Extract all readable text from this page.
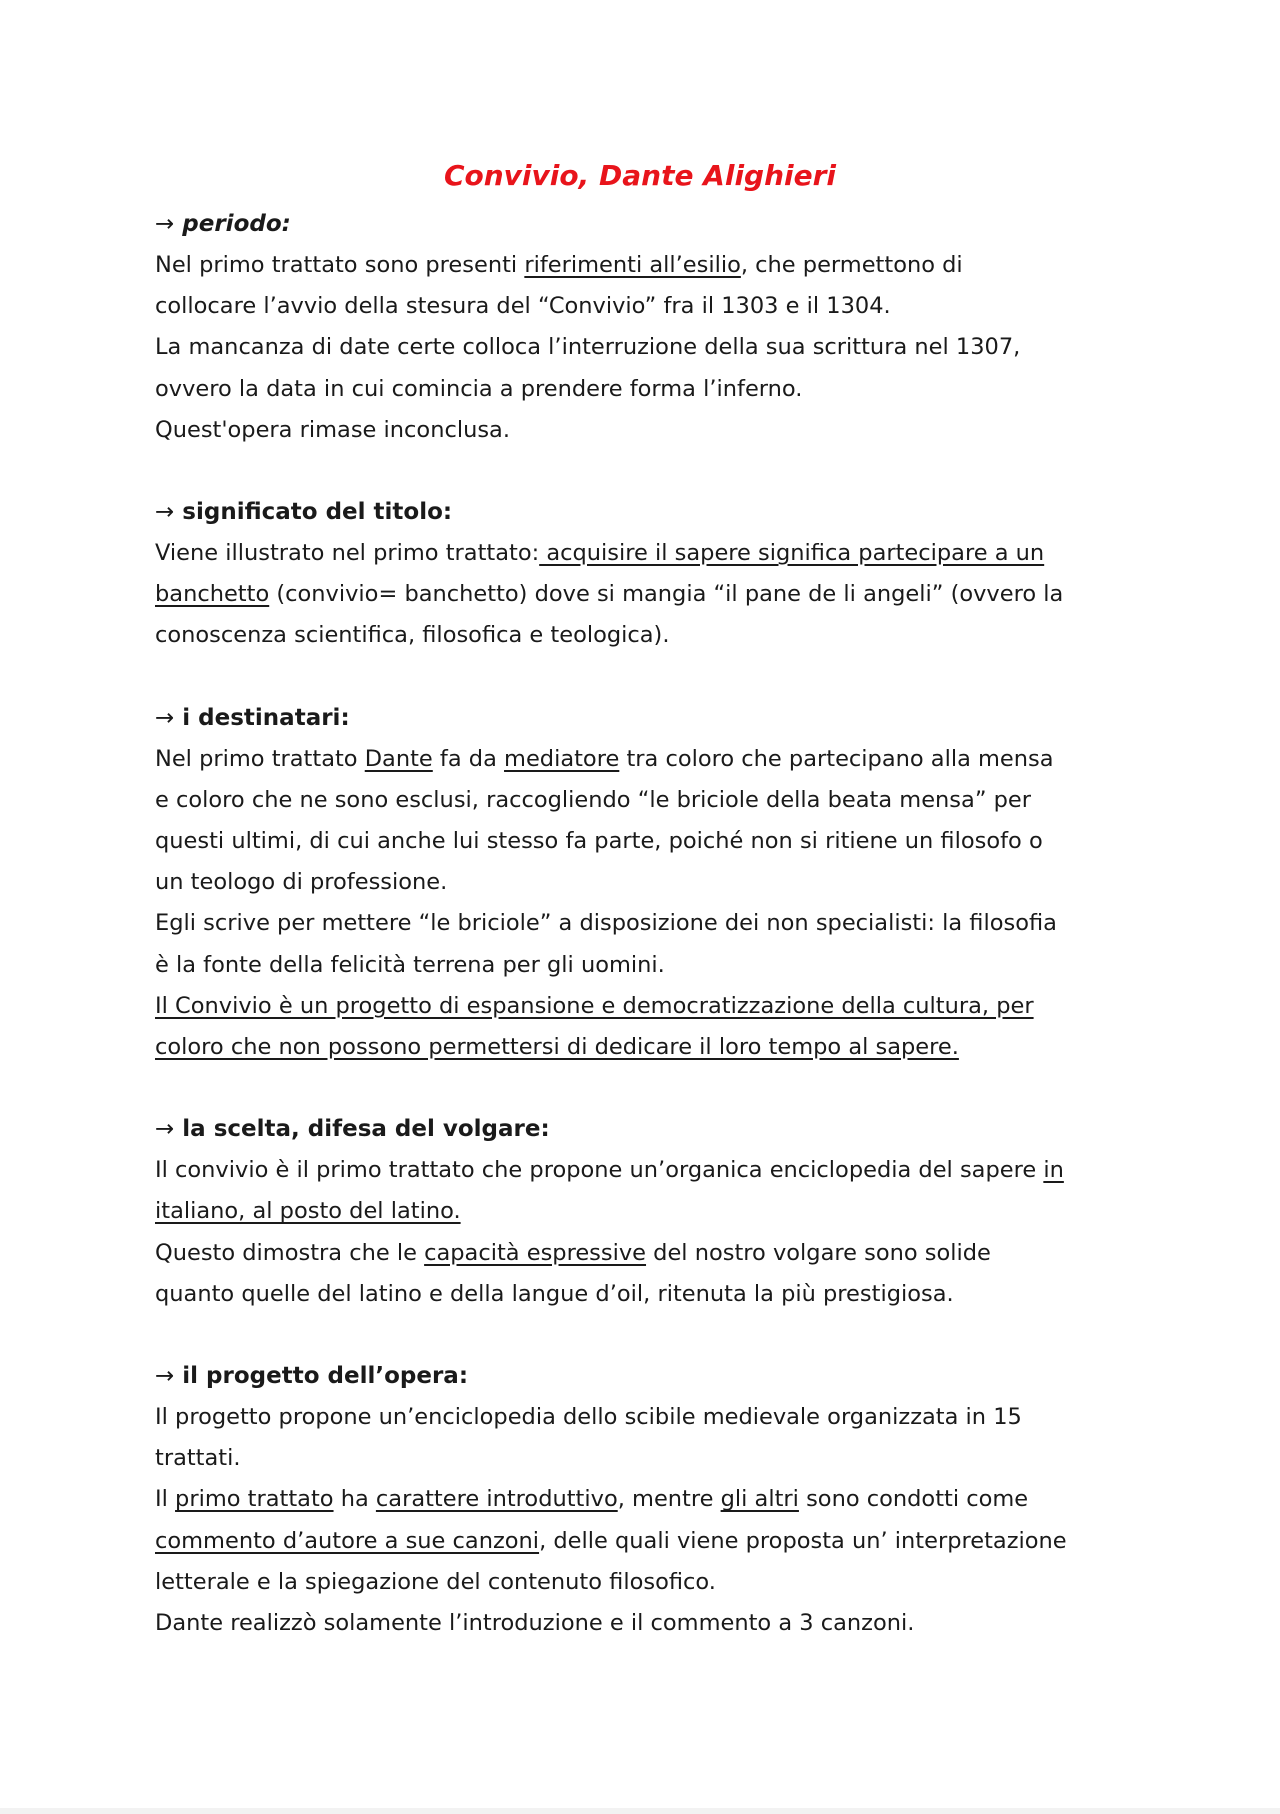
Convivio, Dante Alighieri
→ periodo:

Nel primo trattato sono presenti riferimenti all’esilio, che permettono di
collocare l’avvio della stesura del “Convivio” fra il 1303 e il 1304.
La mancanza di date certe colloca l’interruzione della sua scrittura nel 1307,
ovvero la data in cui comincia a prendere forma l’inferno.
Quest'opera rimase inconclusa.

→ significato del titolo:

Viene illustrato nel primo trattato: acquisire il sapere significa partecipare a un
banchetto (convivio= banchetto) dove si mangia “il pane de li angeli” (ovvero la
conoscenza scientifica, filosofica e teologica).

→ i destinatari:

Nel primo trattato Dante fa da mediatore tra coloro che partecipano alla mensa
e coloro che ne sono esclusi, raccogliendo “le briciole della beata mensa” per
questi ultimi, di cui anche lui stesso fa parte, poiché non si ritiene un filosofo o
un teologo di professione.
Egli scrive per mettere “le briciole” a disposizione dei non specialisti: la filosofia
è la fonte della felicità terrena per gli uomini.
Il Convivio è un progetto di espansione e democratizzazione della cultura, per
coloro che non possono permettersi di dedicare il loro tempo al sapere.

→ la scelta, difesa del volgare:

Il convivio è il primo trattato che propone un’organica enciclopedia del sapere in
italiano, al posto del latino.
Questo dimostra che le capacità espressive del nostro volgare sono solide
quanto quelle del latino e della langue d’oil, ritenuta la più prestigiosa.

→ il progetto dell’opera:

Il progetto propone un’enciclopedia dello scibile medievale organizzata in 15
trattati.
Il primo trattato ha carattere introduttivo, mentre gli altri sono condotti come
commento d’autore a sue canzoni, delle quali viene proposta un’ interpretazione
letterale e la spiegazione del contenuto filosofico.
Dante realizzò solamente l’introduzione e il commento a 3 canzoni.
